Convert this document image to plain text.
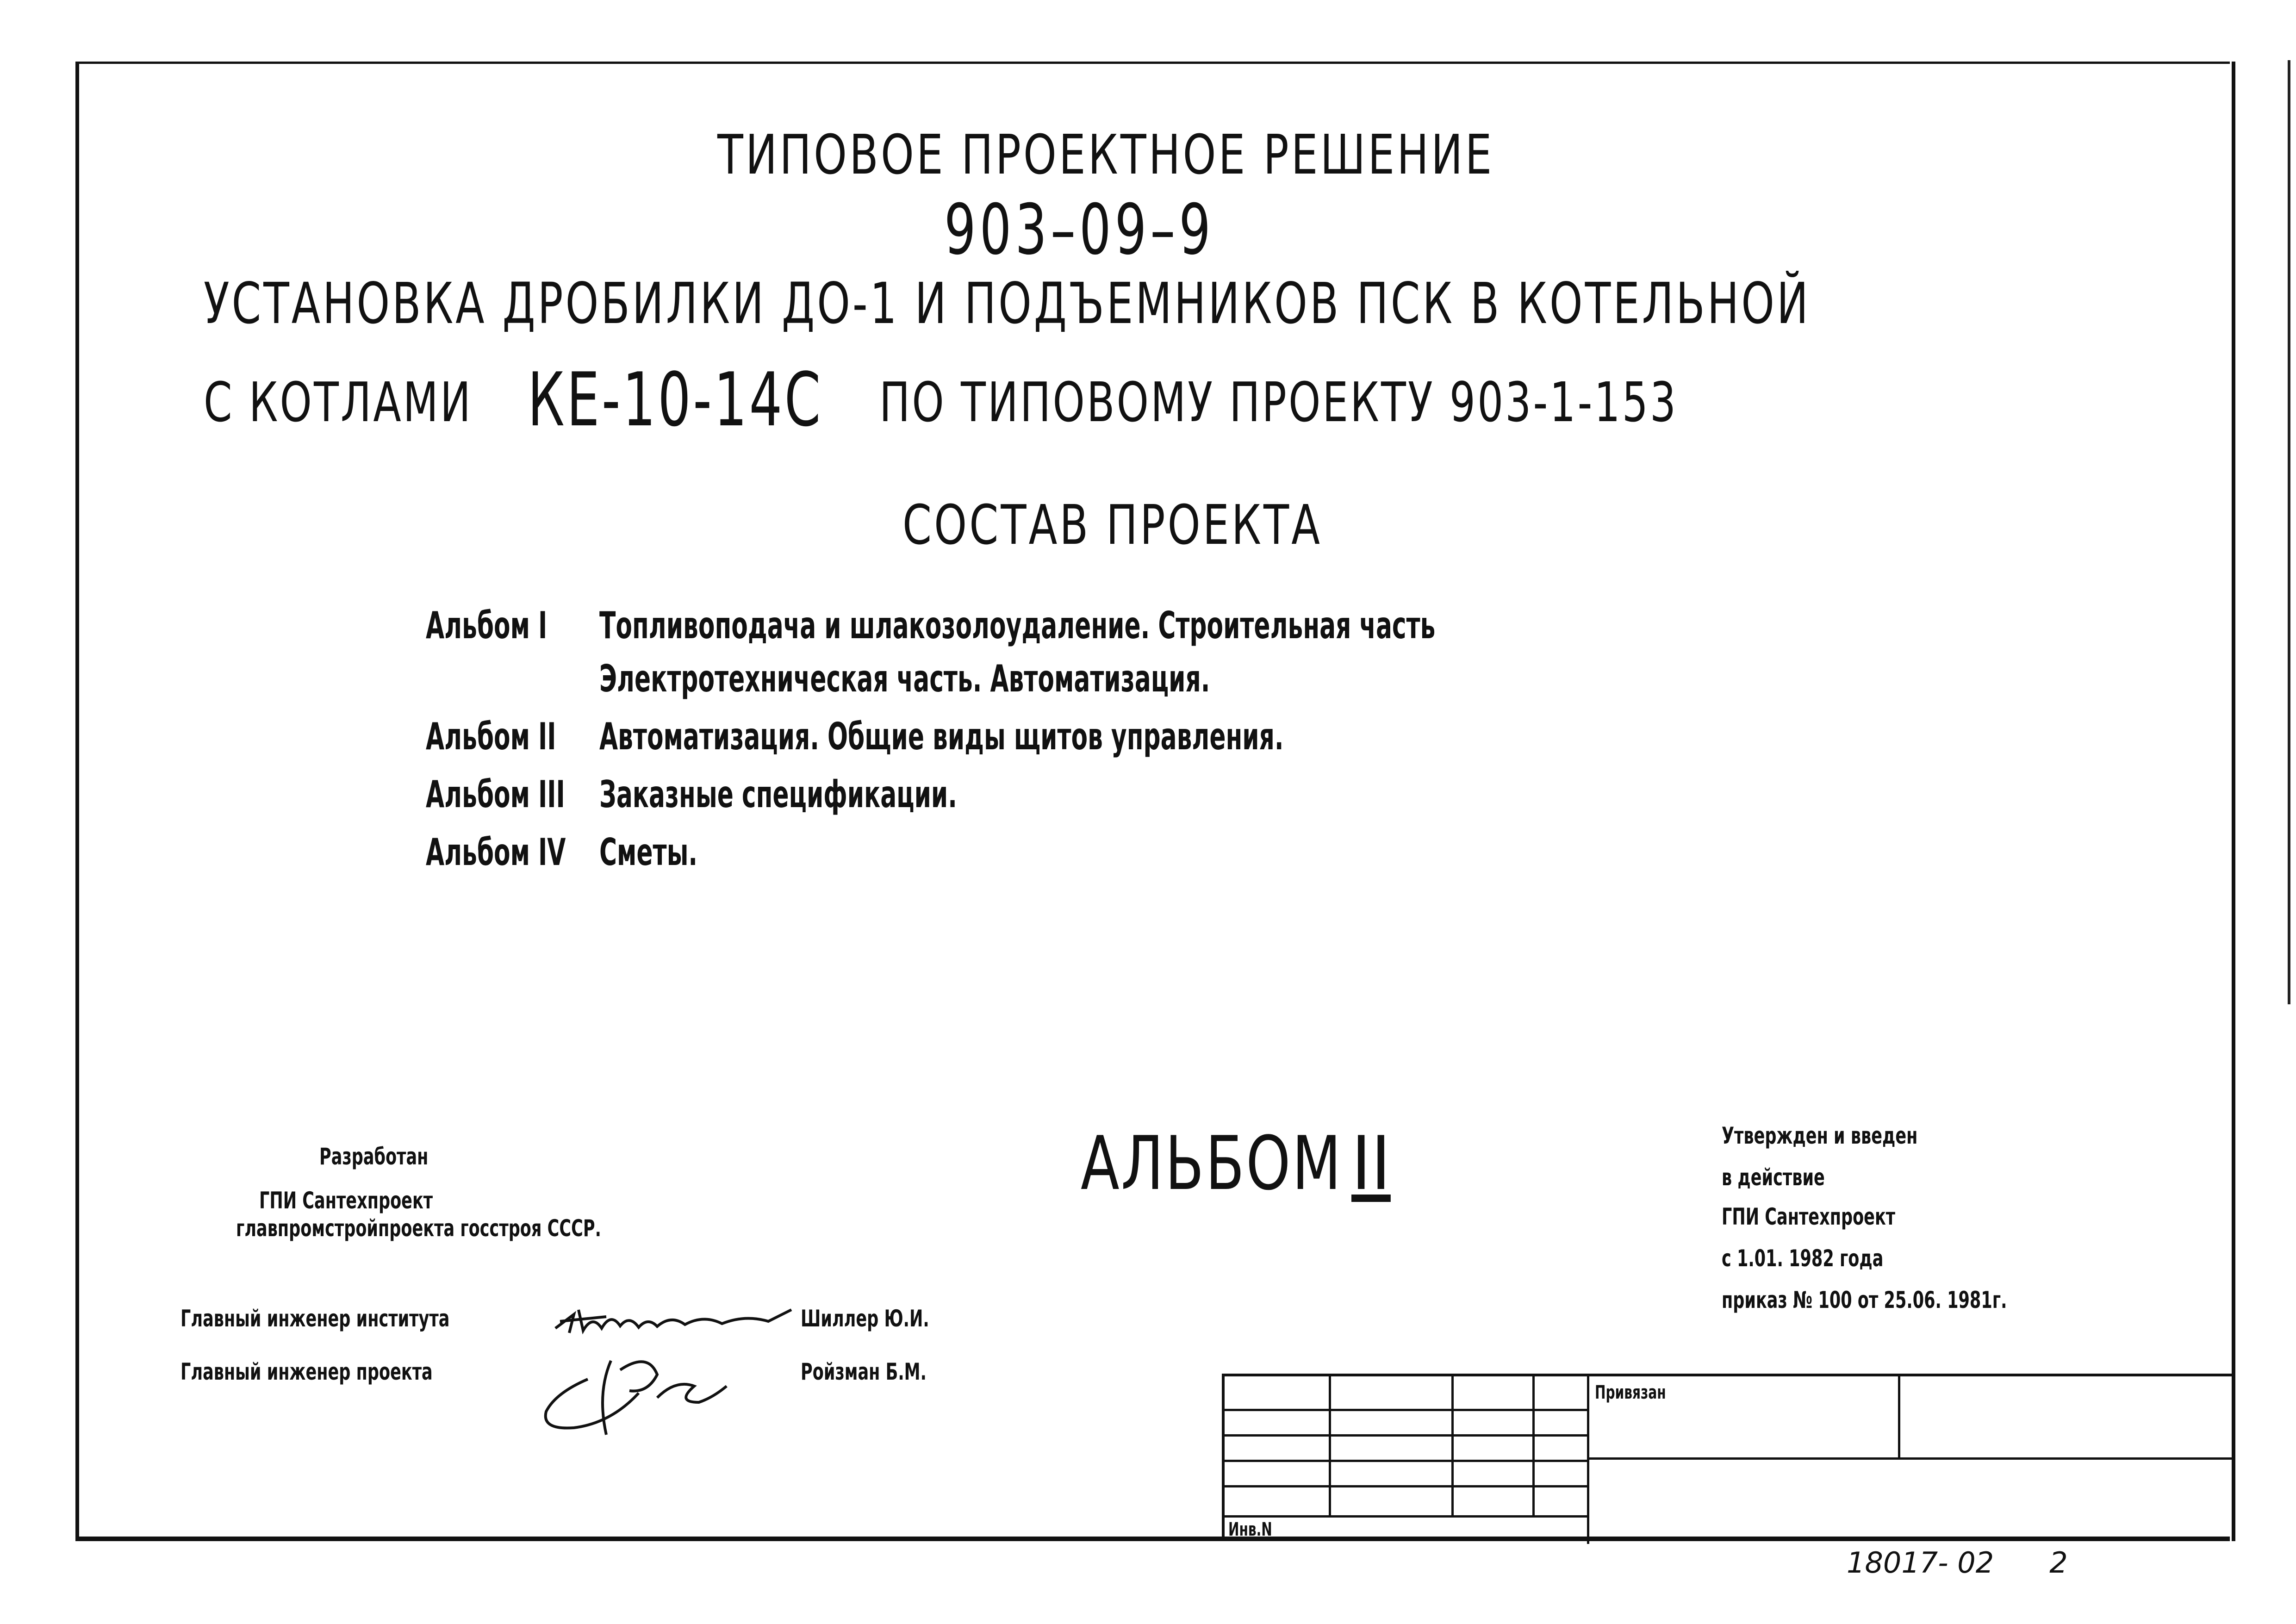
ТИПОВОЕ ПРОЕКТНОЕ РЕШЕНИЕ
903–09–9
УСТАНОВКА ДРОБИЛКИ ДО-1 И ПОДЪЕМНИКОВ ПСК В КОТЕЛЬНОЙ
С КОТЛАМИ КЕ-10-14С ПО ТИПОВОМУ ПРОЕКТУ 903-1-153
СОСТАВ ПРОЕКТА
Альбом I Топливоподача и шлакозолоудаление. Строительная часть
Электротехническая часть. Автоматизация.
Альбом II Автоматизация. Общие виды щитов управления.
Альбом III Заказные спецификации.
Альбом IV Сметы.
Разработан
ГПИ Сантехпроект
главпромстройпроекта госстроя СССР.
АЛЬБОМ II	Утвержден и введен
в действие
ГПИ Сантехпроект
с 1.01. 1982 года
приказ № 100 от 25.06. 1981г.
Главный инженер института	Шиллер Ю.И.
Главный инженер проекта	Ройзман Б.М.
Привязан
Инв.N
18017- 02 2
